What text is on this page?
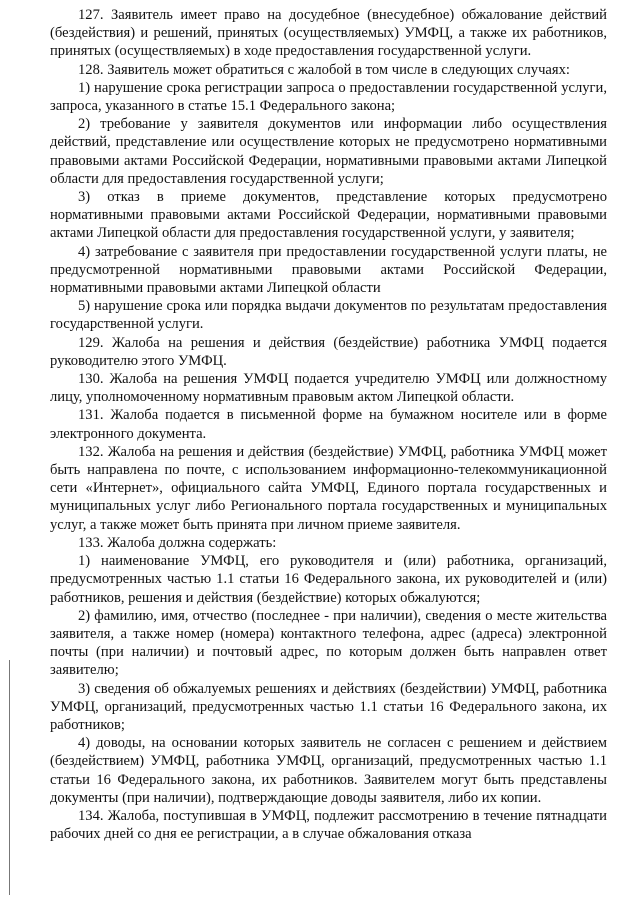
127. Заявитель имеет право на досудебное (внесудебное) обжалование действий (бездействия) и решений, принятых (осуществляемых) УМФЦ, а также их работников, принятых (осуществляемых) в ходе предоставления государственной услуги.

128. Заявитель может обратиться с жалобой в том числе в следующих случаях:

1) нарушение срока регистрации запроса о предоставлении государственной услуги, запроса, указанного в статье 15.1 Федерального закона;

2) требование у заявителя документов или информации либо осуществления действий, представление или осуществление которых не предусмотрено нормативными правовыми актами Российской Федерации, нормативными правовыми актами Липецкой области для предоставления государственной услуги;

3) отказ в приеме документов, представление которых предусмотрено нормативными правовыми актами Российской Федерации, нормативными правовыми актами Липецкой области для предоставления государственной услуги, у заявителя;

4) затребование с заявителя при предоставлении государственной услуги платы, не предусмотренной нормативными правовыми актами Российской Федерации, нормативными правовыми актами Липецкой области

5) нарушение срока или порядка выдачи документов по результатам предоставления государственной услуги.

129. Жалоба на решения и действия (бездействие) работника УМФЦ подается руководителю этого УМФЦ.

130. Жалоба на решения УМФЦ подается учредителю УМФЦ или должностному лицу, уполномоченному нормативным правовым актом Липецкой области.

131. Жалоба подается в письменной форме на бумажном носителе или в форме электронного документа.

132. Жалоба на решения и действия (бездействие) УМФЦ, работника УМФЦ может быть направлена по почте, с использованием информационно-телекоммуникационной сети «Интернет», официального сайта УМФЦ, Единого портала государственных и муниципальных услуг либо Регионального портала государственных и муниципальных услуг, а также может быть принята при личном приеме заявителя.

133. Жалоба должна содержать:

1) наименование УМФЦ, его руководителя и (или) работника, организаций, предусмотренных частью 1.1 статьи 16 Федерального закона, их руководителей и (или) работников, решения и действия (бездействие) которых обжалуются;

2) фамилию, имя, отчество (последнее - при наличии), сведения о месте жительства заявителя, а также номер (номера) контактного телефона, адрес (адреса) электронной почты (при наличии) и почтовый адрес, по которым должен быть направлен ответ заявителю;

3) сведения об обжалуемых решениях и действиях (бездействии) УМФЦ, работника УМФЦ, организаций, предусмотренных частью 1.1 статьи 16 Федерального закона, их работников;

4) доводы, на основании которых заявитель не согласен с решением и действием (бездействием) УМФЦ, работника УМФЦ, организаций, предусмотренных частью 1.1 статьи 16 Федерального закона, их работников. Заявителем могут быть представлены документы (при наличии), подтверждающие доводы заявителя, либо их копии.

134. Жалоба, поступившая в УМФЦ, подлежит рассмотрению в течение пятнадцати рабочих дней со дня ее регистрации, а в случае обжалования отказа
